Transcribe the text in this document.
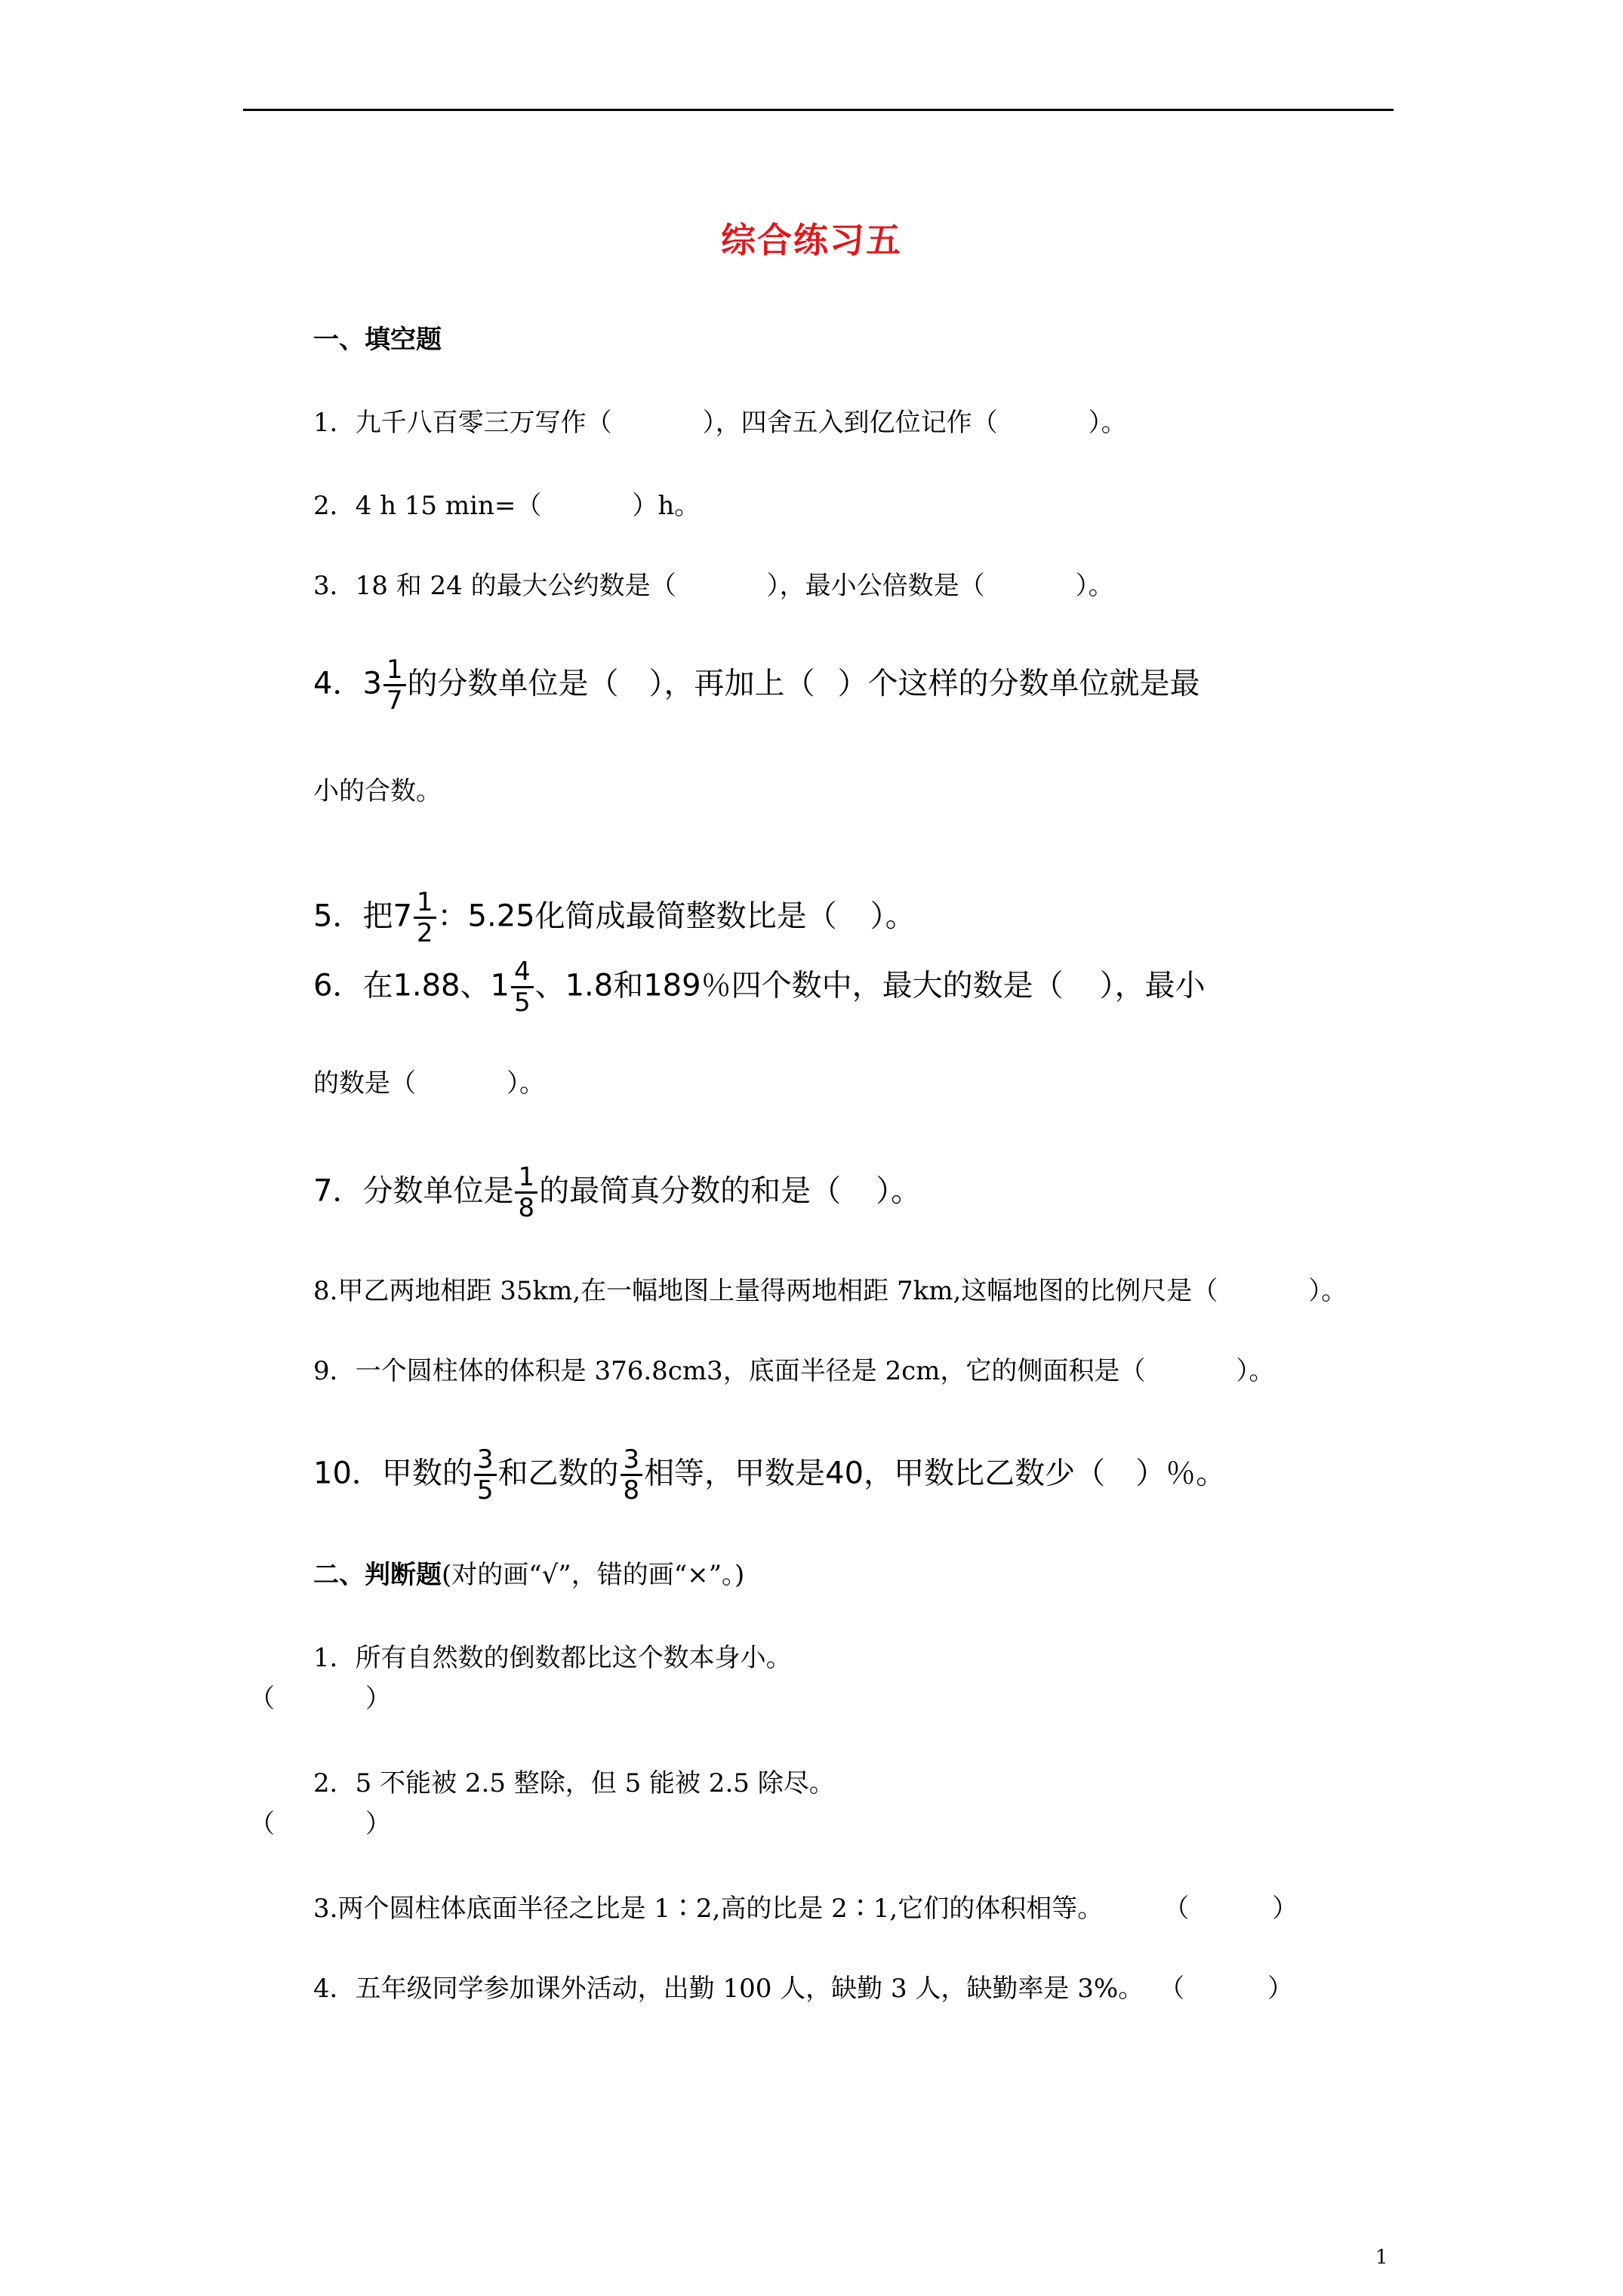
综合练习五
一、填空题
1．九千八百零三万写作（	），四舍五入到亿位记作（	）。
2．4 h 15 min=（	）h。
3．18 和 24 的最大公约数是（	），最小公倍数是（	）。
4．$3 \frac{1}{7}$ 的分数单位是（ ），再加上（ ）个这样的分数单位就是最
小的合数。
5．把$7 \frac{1}{2}$ ：5.25化简成最简整数比是（ ）。
6．在1.88、$1 \frac{4}{5}$ 、1.8和189％四个数中，最大的数是（ ），最小
的数是（	）。
7．分数单位是 $\frac{1}{8}$ 的最简真分数的和是（ ）。
8.甲乙两地相距 35km,在一幅地图上量得两地相距 7km,这幅地图的比例尺是（	）。
9．一个圆柱体的体积是 376.8cm3，底面半径是 2cm，它的侧面积是（	）。
10．甲数的 $\frac{3}{5}$ 和乙数的 $\frac{3}{8}$ 相等，甲数是40，甲数比乙数少（ ）％。
二、判断题(对的画“√”，错的画“×”。)
1．所有自然数的倒数都比这个数本身小。
（	）
2．5 不能被 2.5 整除，但 5 能被 2.5 除尽。
（	）
3.两个圆柱体底面半径之比是 1∶2,高的比是 2∶1,它们的体积相等。 （	）
4．五年级同学参加课外活动，出勤 100 人，缺勤 3 人，缺勤率是 3%。 （	）
1
